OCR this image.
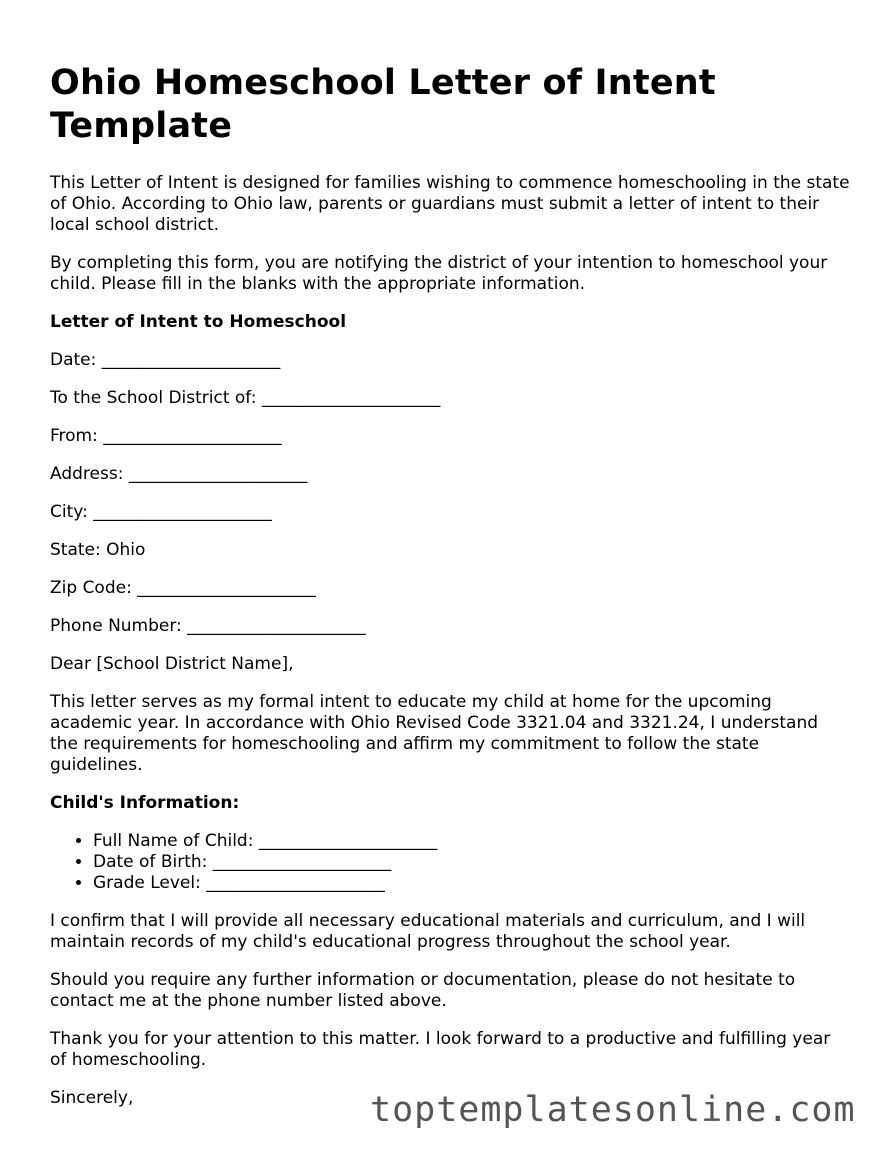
Ohio Homeschool Letter of Intent Template

This Letter of Intent is designed for families wishing to commence homeschooling in the state of Ohio. According to Ohio law, parents or guardians must submit a letter of intent to their local school district.

By completing this form, you are notifying the district of your intention to homeschool your child. Please fill in the blanks with the appropriate information.

Letter of Intent to Homeschool

Date: _____________________
To the School District of: _____________________
From: _____________________
Address: _____________________
City: _____________________
State: Ohio
Zip Code: _____________________
Phone Number: _____________________

Dear [School District Name],

This letter serves as my formal intent to educate my child at home for the upcoming academic year. In accordance with Ohio Revised Code 3321.04 and 3321.24, I understand the requirements for homeschooling and affirm my commitment to follow the state guidelines.

Child's Information:

• Full Name of Child: _____________________
• Date of Birth: _____________________
• Grade Level: _____________________

I confirm that I will provide all necessary educational materials and curriculum, and I will maintain records of my child's educational progress throughout the school year.

Should you require any further information or documentation, please do not hesitate to contact me at the phone number listed above.

Thank you for your attention to this matter. I look forward to a productive and fulfilling year of homeschooling.

Sincerely,	toptemplatesonline.com
